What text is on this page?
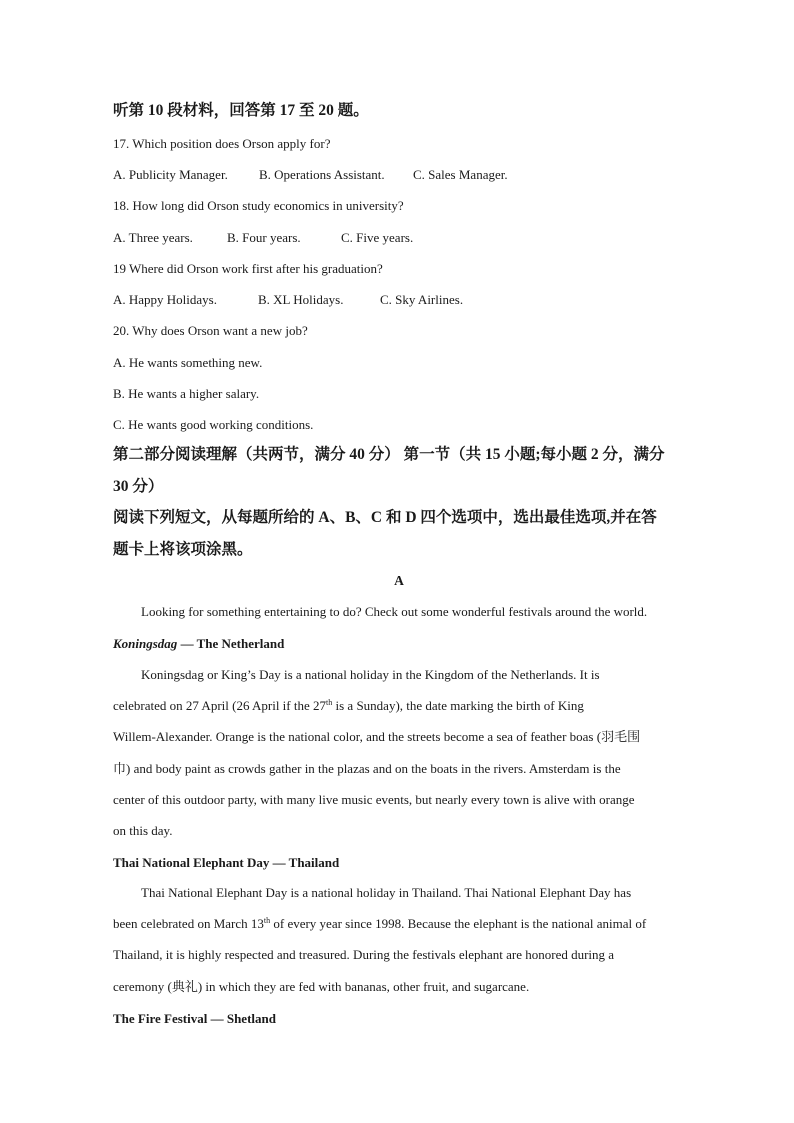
听第 10 段材料，回答第 17 至 20 题。
17. Which position does Orson apply for?
A. Publicity Manager. B. Operations Assistant. C. Sales Manager.
18. How long did Orson study economics in university?
A. Three years.	B. Four years.	C. Five years.
19 Where did Orson work first after his graduation?
A. Happy Holidays.	B. XL Holidays.	C. Sky Airlines.
20. Why does Orson want a new job?
A. He wants something new.
B. He wants a higher salary.
C. He wants good working conditions.
第二部分阅读理解（共两节，满分 40 分） 第一节（共 15 小题;每小题 2 分，满分
30 分）
阅读下列短文，从每题所给的 A、B、C 和 D 四个选项中，选出最佳选项,并在答
题卡上将该项涂黑。
A
Looking for something entertaining to do? Check out some wonderful festivals around the world.
Koningsdag — The Netherland
Koningsdag or King’s Day is a national holiday in the Kingdom of the Netherlands. It is
celebrated on 27 April (26 April if the 27th is a Sunday), the date marking the birth of King
Willem-Alexander. Orange is the national color, and the streets become a sea of feather boas (羽毛围
巾) and body paint as crowds gather in the plazas and on the boats in the rivers. Amsterdam is the
center of this outdoor party, with many live music events, but nearly every town is alive with orange
on this day.
Thai National Elephant Day — Thailand
Thai National Elephant Day is a national holiday in Thailand. Thai National Elephant Day has
been celebrated on March 13th of every year since 1998. Because the elephant is the national animal of
Thailand, it is highly respected and treasured. During the festivals elephant are honored during a
ceremony (典礼) in which they are fed with bananas, other fruit, and sugarcane.
The Fire Festival — Shetland
